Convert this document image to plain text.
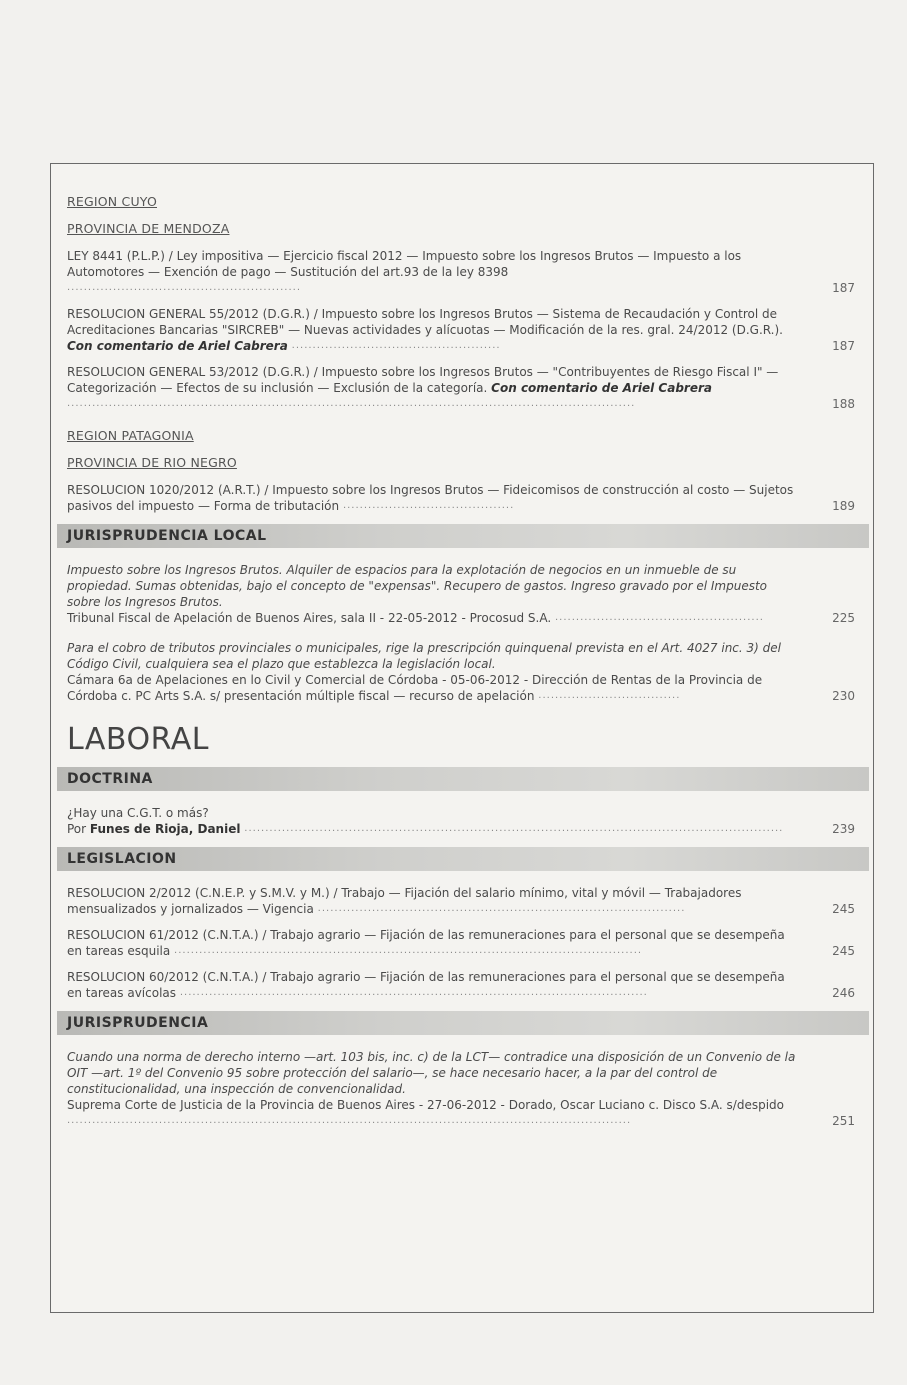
REGION CUYO
PROVINCIA DE MENDOZA
LEY 8441 (P.L.P.) / Ley impositiva — Ejercicio fiscal 2012 — Impuesto sobre los Ingresos Brutos — Impuesto a los Automotores — Exención de pago — Sustitución del art.93 de la ley 8398 ........................................................	187
RESOLUCION GENERAL 55/2012 (D.G.R.) / Impuesto sobre los Ingresos Brutos — Sistema de Recaudación y Control de Acreditaciones Bancarias "SIRCREB" — Nuevas actividades y alícuotas — Modificación de la res. gral. 24/2012 (D.G.R.). Con comentario de Ariel Cabrera ..................................................	187
RESOLUCION GENERAL 53/2012 (D.G.R.) / Impuesto sobre los Ingresos Brutos — "Contribuyentes de Riesgo Fiscal I" — Categorización — Efectos de su inclusión — Exclusión de la categoría. Con comentario de Ariel Cabrera ........................................................................................................................................	188
REGION PATAGONIA
PROVINCIA DE RIO NEGRO
RESOLUCION 1020/2012 (A.R.T.) / Impuesto sobre los Ingresos Brutos — Fideicomisos de construcción al costo — Sujetos pasivos del impuesto — Forma de tributación .........................................	189
JURISPRUDENCIA LOCAL
Impuesto sobre los Ingresos Brutos. Alquiler de espacios para la explotación de negocios en un inmueble de su propiedad. Sumas obtenidas, bajo el concepto de "expensas". Recupero de gastos. Ingreso gravado por el Impuesto sobre los Ingresos Brutos.
Tribunal Fiscal de Apelación de Buenos Aires, sala II - 22-05-2012 - Procosud S.A. ..................................................	225
Para el cobro de tributos provinciales o municipales, rige la prescripción quinquenal prevista en el Art. 4027 inc. 3) del Código Civil, cualquiera sea el plazo que establezca la legislación local.
Cámara 6a de Apelaciones en lo Civil y Comercial de Córdoba - 05-06-2012 - Dirección de Rentas de la Provincia de Córdoba c. PC Arts S.A. s/ presentación múltiple fiscal — recurso de apelación ..................................	230
LABORAL
DOCTRINA
¿Hay una C.G.T. o más?
Por Funes de Rioja, Daniel .................................................................................................................................	239
LEGISLACION
RESOLUCION 2/2012 (C.N.E.P. y S.M.V. y M.) / Trabajo — Fijación del salario mínimo, vital y móvil — Trabajadores mensualizados y jornalizados — Vigencia ........................................................................................	245
RESOLUCION 61/2012 (C.N.T.A.) / Trabajo agrario — Fijación de las remuneraciones para el personal que se desempeña en tareas esquila ................................................................................................................	245
RESOLUCION 60/2012 (C.N.T.A.) / Trabajo agrario — Fijación de las remuneraciones para el personal que se desempeña en tareas avícolas ................................................................................................................	246
JURISPRUDENCIA
Cuando una norma de derecho interno —art. 103 bis, inc. c) de la LCT— contradice una disposición de un Convenio de la OIT —art. 1º del Convenio 95 sobre protección del salario—, se hace necesario hacer, a la par del control de constitucionalidad, una inspección de convencionalidad.
Suprema Corte de Justicia de la Provincia de Buenos Aires - 27-06-2012 - Dorado, Oscar Luciano c. Disco S.A. s/despido .......................................................................................................................................	251
